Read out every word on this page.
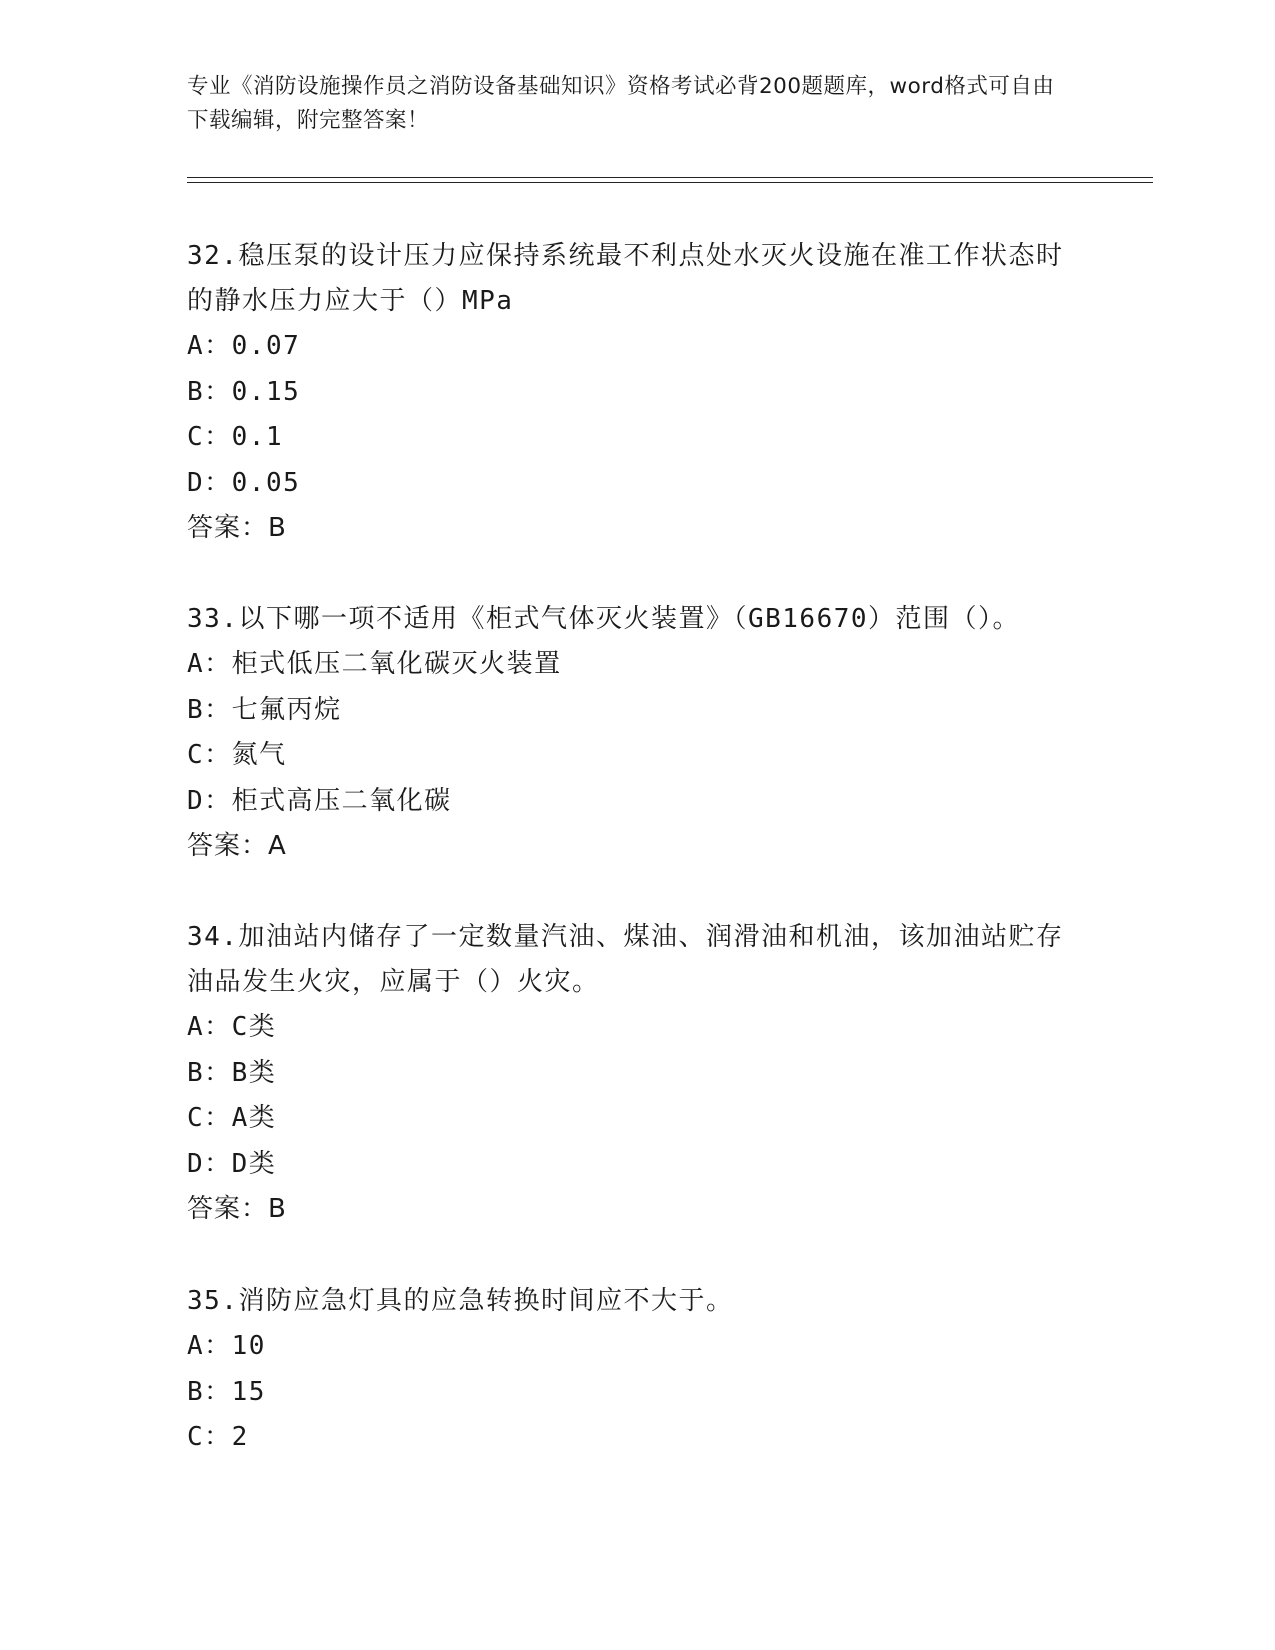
专业《消防设施操作员之消防设备基础知识》资格考试必背200题题库，word格式可自由下载编辑，附完整答案！

32.稳压泵的设计压力应保持系统最不利点处水灭火设施在准工作状态时的静水压力应大于（）MPa

A：0.07

B：0.15

C：0.1

D：0.05

答案：B

33.以下哪一项不适用《柜式气体灭火装置》（GB16670）范围（）。

A：柜式低压二氧化碳灭火装置

B：七氟丙烷

C：氮气

D：柜式高压二氧化碳

答案：A

34.加油站内储存了一定数量汽油、煤油、润滑油和机油，该加油站贮存油品发生火灾，应属于（）火灾。

A：C类

B：B类

C：A类

D：D类

答案：B

35.消防应急灯具的应急转换时间应不大于。

A：10

B：15

C：2
